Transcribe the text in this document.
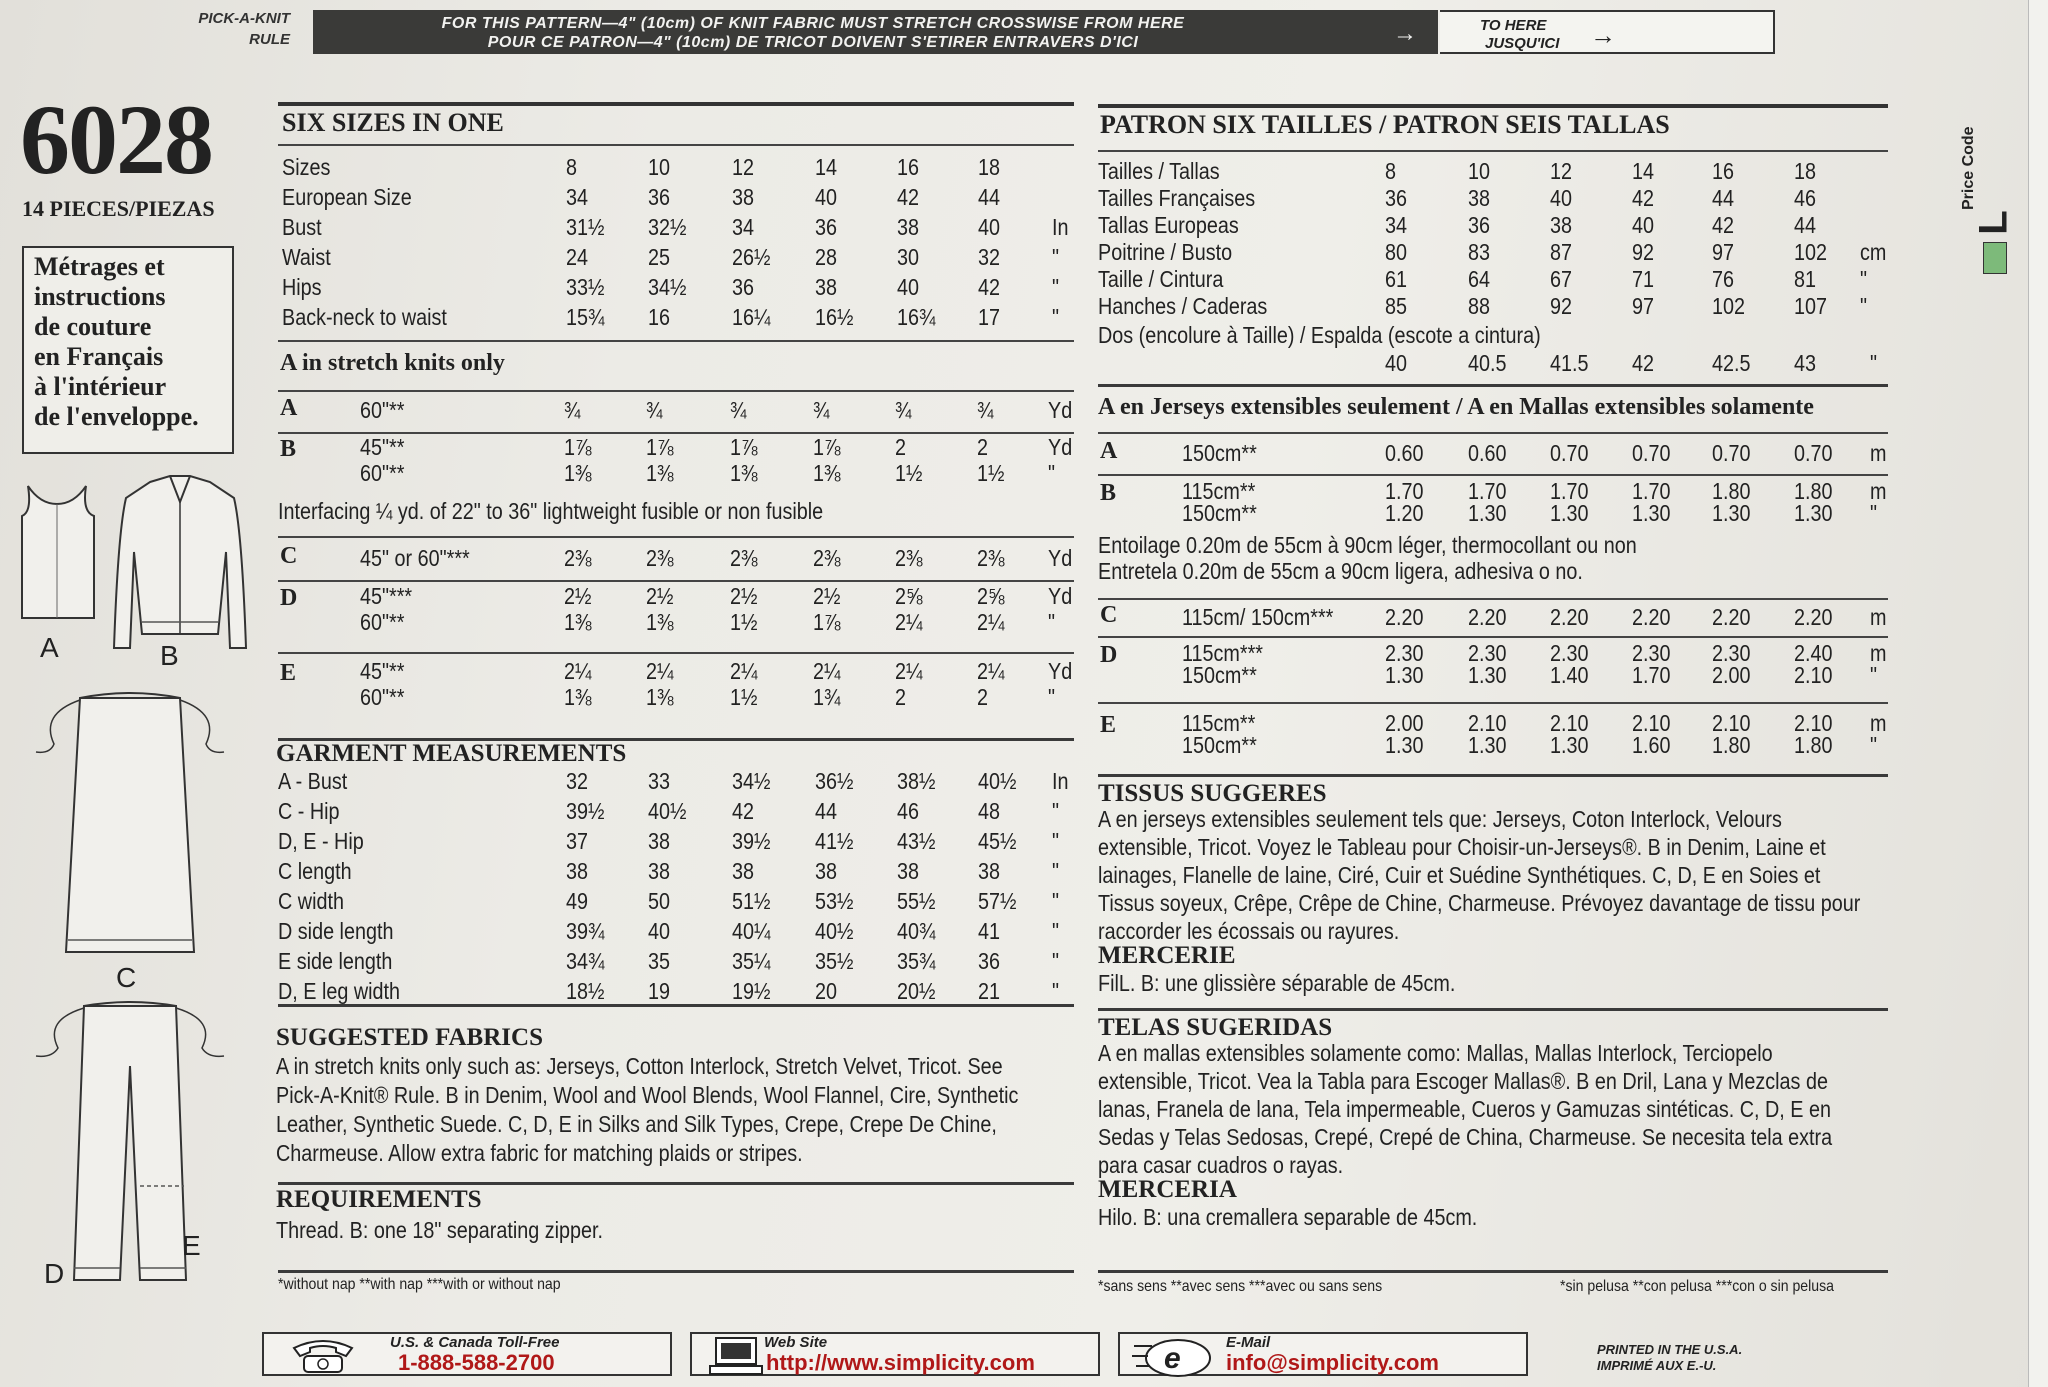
PICK-A-KNIT
RULE
FOR THIS PATTERN—4" (10cm) OF KNIT FABRIC MUST STRETCH CROSSWISE FROM HERE
POUR CE PATRON—4" (10cm) DE TRICOT DOIVENT S'ETIRER ENTRAVERS D'ICI	→	TO HERE
JUSQU'ICI →
6028
14 PIECES/PIEZAS
Métrages et
instructions
de couture
en Français
à l'intérieur
de l'enveloppe.
A	B
C
D
E
SIX SIZES IN ONE
A in stretch knits only
Interfacing ¼ yd. of 22" to 36" lightweight fusible or non fusible
GARMENT MEASUREMENTS
SUGGESTED FABRICS
A in stretch knits only such as: Jerseys, Cotton Interlock, Stretch Velvet, Tricot. See
Pick-A-Knit® Rule. B in Denim, Wool and Wool Blends, Wool Flannel, Cire, Synthetic
Leather, Synthetic Suede. C, D, E in Silks and Silk Types, Crepe, Crepe De Chine,
Charmeuse. Allow extra fabric for matching plaids or stripes.
REQUIREMENTS
Thread. B: one 18" separating zipper.
*without nap **with nap ***with or without nap
PATRON SIX TAILLES / PATRON SEIS TALLAS
Dos (encolure à Taille) / Espalda (escote a cintura)
A en Jerseys extensibles seulement / A en Mallas extensibles solamente
Entoilage 0.20m de 55cm à 90cm léger, thermocollant ou non
Entretela 0.20m de 55cm a 90cm ligera, adhesiva o no.
TISSUS SUGGERES
A en jerseys extensibles seulement tels que: Jerseys, Coton Interlock, Velours
extensible, Tricot. Voyez le Tableau pour Choisir-un-Jerseys®. B in Denim, Laine et
lainages, Flanelle de laine, Ciré, Cuir et Suédine Synthétiques. C, D, E en Soies et
Tissus soyeux, Crêpe, Crêpe de Chine, Charmeuse. Prévoyez davantage de tissu pour
raccorder les écossais ou rayures.
MERCERIE
FilL. B: une glissière séparable de 45cm.
TELAS SUGERIDAS
A en mallas extensibles solamente como: Mallas, Mallas Interlock, Terciopelo
extensible, Tricot. Vea la Tabla para Escoger Mallas®. B en Dril, Lana y Mezclas de
lanas, Franela de lana, Tela impermeable, Cueros y Gamuzas sintéticas. C, D, E en
Sedas y Telas Sedosas, Crepé, Crepé de China, Charmeuse. Se necesita tela extra
para casar cuadros o rayas.
MERCERIA
Hilo. B: una cremallera separable de 45cm.
*sans sens **avec sens ***avec ou sans sens	*sin pelusa **con pelusa ***con o sin pelusa
U.S. & Canada Toll-Free
1-888-588-2700
Web Site
http://www.simplicity.com	e	E-Mail
info@simplicity.com
PRINTED IN THE U.S.A.
IMPRIMÉ AUX E.-U.
Price Code
L
Sizes	8	10	12	14	16	18
European Size	34	36	38	40	42	44
Bust	31½ 32½ 34	36	38	40 In
Waist	24	25	26½ 28	30	32 "
Hips	33½ 34½ 36	38	40	42 "
Back-neck to waist	15¾ 16	16¼ 16½ 16¾ 17 "
A	60"**	¾	¾	¾	¾	¾	¾ Yd
B	45"**	1⅞ 1⅞ 1⅞ 1⅞ 2	2	Yd
60"**	1⅜ 1⅜ 1⅜ 1⅜ 1½ 1½ "
C	45" or 60"***	2⅜ 2⅜ 2⅜ 2⅜ 2⅜ 2⅜ Yd
D	45"***	2½ 2½ 2½ 2½ 2⅝ 2⅝ Yd
60"**	1⅜ 1⅜ 1½ 1⅞ 2¼ 2¼ "
E	45"**	2¼ 2¼ 2¼ 2¼ 2¼ 2¼ Yd
60"**	1⅜ 1⅜ 1½ 1¾ 2	2	"
A - Bust	32	33	34½ 36½ 38½ 40½ In
C - Hip	39½ 40½ 42	44	46	48 "
D, E - Hip	37	38	39½ 41½ 43½ 45½ "
C length	38	38	38	38	38	38 "
C width	49	50	51½ 53½ 55½ 57½ "
D side length	39¾ 40	40¼ 40½ 40¾ 41 "
E side length	34¾ 35	35¼ 35½ 35¾ 36 "
D, E leg width	18½ 19	19½ 20	20½ 21 "
Tailles / Tallas	8	10	12	14	16	18
Tailles Françaises	36	38	40	42	44	46
Tallas Europeas	34	36	38	40	42	44
Poitrine / Busto	80	83	87	92	97	102 cm
Taille / Cintura	61	64	67	71	76	81 "
Hanches / Caderas	85	88	92	97	102 107 "
40	40.5 41.5 42	42.5 43 "
A	150cm**	0.60 0.60 0.70 0.70 0.70 0.70 m
B	115cm**	1.70 1.70 1.70 1.70 1.80 1.80 m
150cm**	1.20 1.30 1.30 1.30 1.30 1.30 "
C	115cm/ 150cm*** 2.20 2.20 2.20 2.20 2.20 2.20 m
D	115cm***	2.30 2.30 2.30 2.30 2.30 2.40 m
150cm**	1.30 1.30 1.40 1.70 2.00 2.10 "
E	115cm**	2.00 2.10 2.10 2.10 2.10 2.10 m
150cm**	1.30 1.30 1.30 1.60 1.80 1.80 "
